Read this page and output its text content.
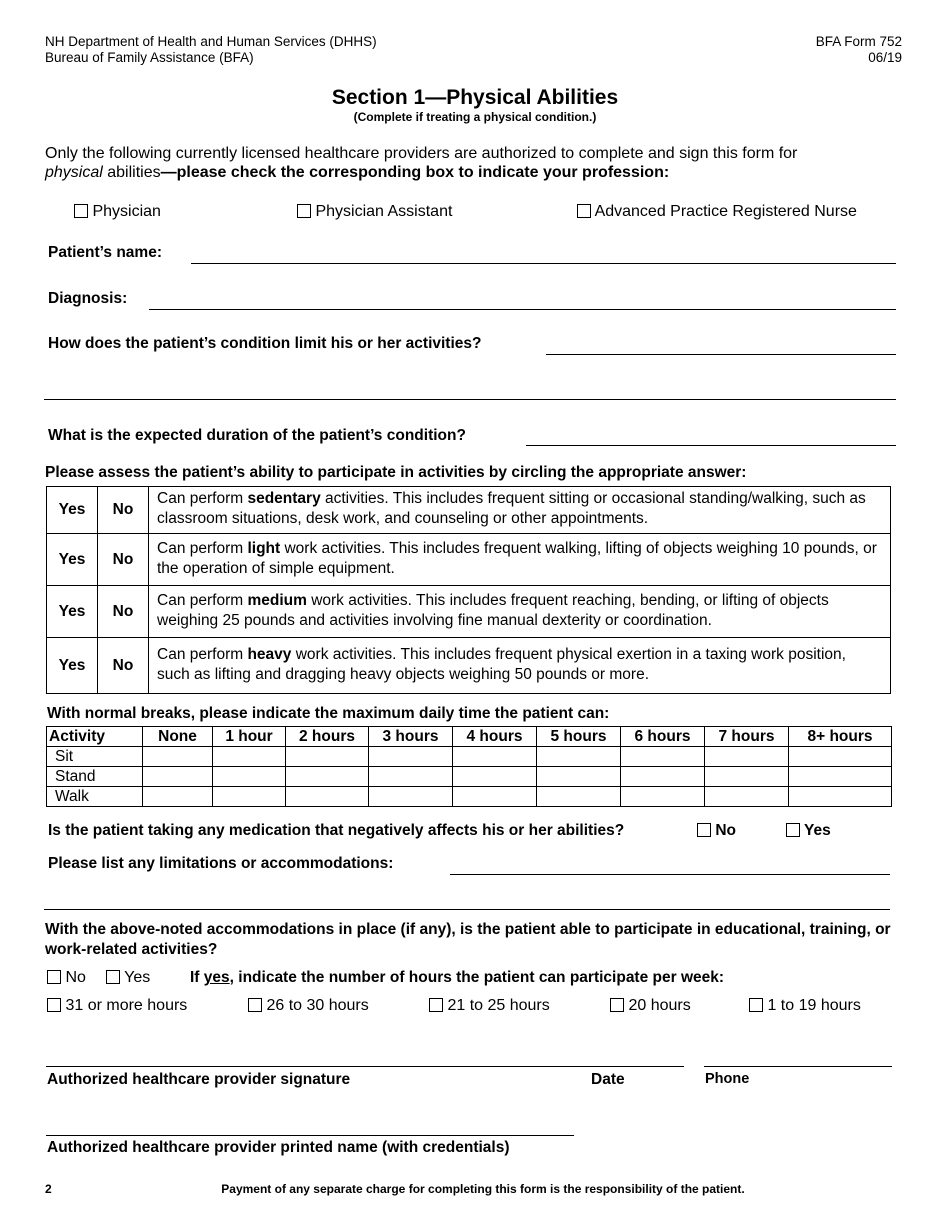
NH Department of Health and Human Services (DHHS)
Bureau of Family Assistance (BFA)
BFA Form 752
06/19
Section 1—Physical Abilities
(Complete if treating a physical condition.)
Only the following currently licensed healthcare providers are authorized to complete and sign this form for
physical abilities—please check the corresponding box to indicate your profession:
Physician	Physician Assistant	Advanced Practice Registered Nurse
Patient’s name:
Diagnosis:
How does the patient’s condition limit his or her activities?
What is the expected duration of the patient’s condition?
Please assess the patient’s ability to participate in activities by circling the appropriate answer:
Yes	No	Can perform sedentary activities. This includes frequent sitting or occasional standing/walking, such as classroom situations, desk work, and counseling or other appointments.
Yes	No	Can perform light work activities. This includes frequent walking, lifting of objects weighing 10 pounds, or the operation of simple equipment.
Yes	No	Can perform medium work activities. This includes frequent reaching, bending, or lifting of objects weighing 25 pounds and activities involving fine manual dexterity or coordination.
Yes	No	Can perform heavy work activities. This includes frequent physical exertion in a taxing work position, such as lifting and dragging heavy objects weighing 50 pounds or more.
With normal breaks, please indicate the maximum daily time the patient can:
Activity	None	1 hour	2 hours	3 hours	4 hours	5 hours	6 hours	7 hours	8+ hours
Sit									
Stand									
Walk									
Is the patient taking any medication that negatively affects his or her abilities?	No	Yes
Please list any limitations or accommodations:
With the above-noted accommodations in place (if any), is the patient able to participate in educational, training, or work-related activities?
No	Yes	If yes, indicate the number of hours the patient can participate per week:
31 or more hours	26 to 30 hours	21 to 25 hours	20 hours	1 to 19 hours
Authorized healthcare provider signature	Date	Phone
Authorized healthcare provider printed name (with credentials)
2	Payment of any separate charge for completing this form is the responsibility of the patient.
